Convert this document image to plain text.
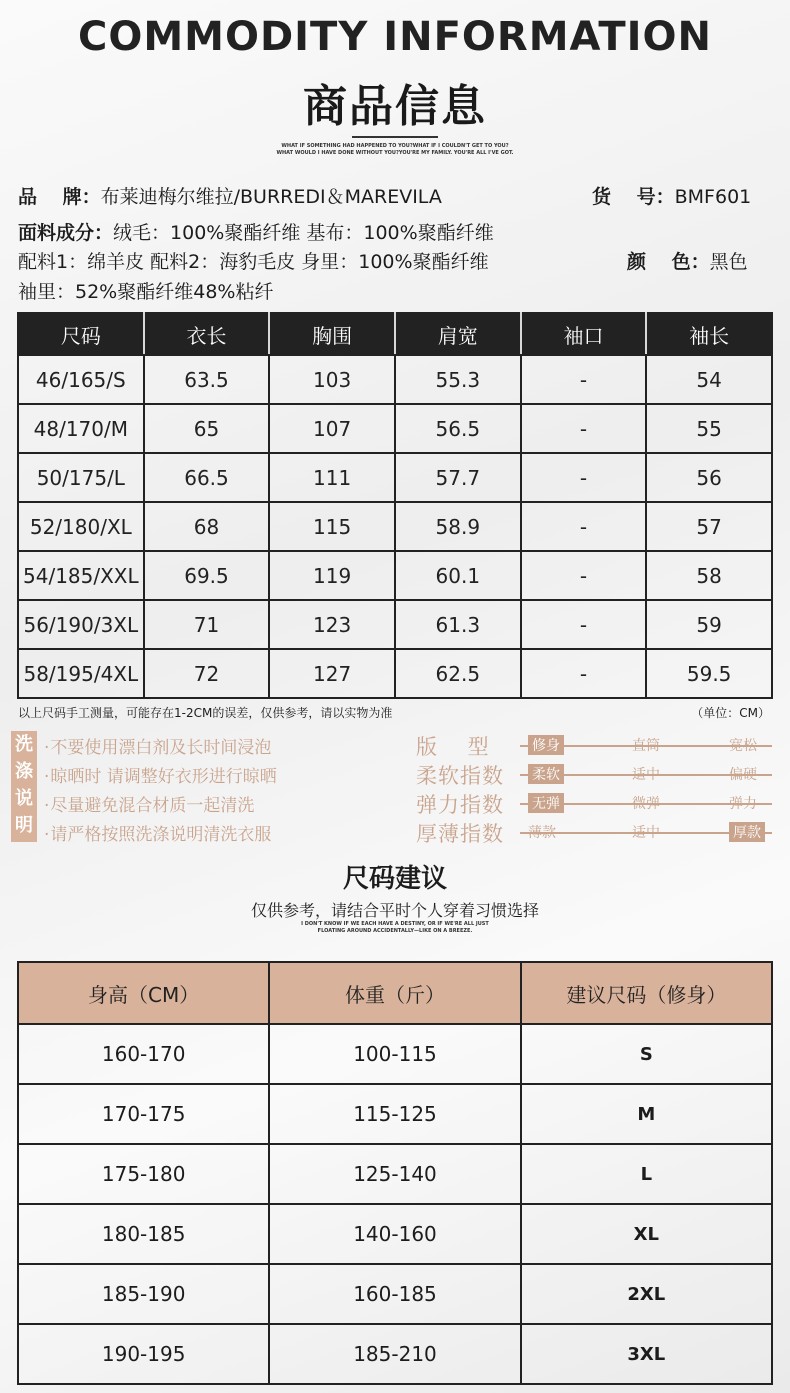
COMMODITY INFORMATION
商品信息
WHAT IF SOMETHING HAD HAPPENED TO YOU?WHAT IF I COULDN'T GET TO YOU?
WHAT WOULD I HAVE DONE WITHOUT YOU?YOU'RE MY FAMILY. YOU'RE ALL I'VE GOT.
品　 牌：布莱迪梅尔维拉/BURREDI＆MAREVILA	货　 号：BMF601
面料成分：绒毛：100%聚酯纤维 基布：100%聚酯纤维
配料1：绵羊皮 配料2：海豹毛皮 身里：100%聚酯纤维	颜　 色：黑色
袖里：52%聚酯纤维48%粘纤
尺码	衣长	胸围	肩宽	袖口	袖长
46/165/S	63.5	103	55.3	-	54
48/170/M	65	107	56.5	-	55
50/175/L	66.5	111	57.7	-	56
52/180/XL	68	115	58.9	-	57
54/185/XXL	69.5	119	60.1	-	58
56/190/3XL	71	123	61.3	-	59
58/195/4XL	72	127	62.5	-	59.5
以上尺码手工测量，可能存在1-2CM的误差，仅供参考，请以实物为准	（单位：CM）
洗
涤
说
明
· 不要使用漂白剂及长时间浸泡
· 晾晒时 请调整好衣形进行晾晒
· 尽量避免混合材质一起清洗
· 请严格按照洗涤说明清洗衣服
版　 型	修身	直筒	宽松
柔软指数 柔软	适中	偏硬
弹力指数 无弹	微弹	弹力
厚薄指数 薄款	适中	厚款
尺码建议
仅供参考，请结合平时个人穿着习惯选择
I DON'T KNOW IF WE EACH HAVE A DESTINY, OR IF WE'RE ALL JUST
FLOATING AROUND ACCIDENTALLY—LIKE ON A BREEZE.
身高（CM）	体重（斤）	建议尺码（修身）
160-170	100-115	S
170-175	115-125	M
175-180	125-140	L
180-185	140-160	XL
185-190	160-185	2XL
190-195	185-210	3XL
